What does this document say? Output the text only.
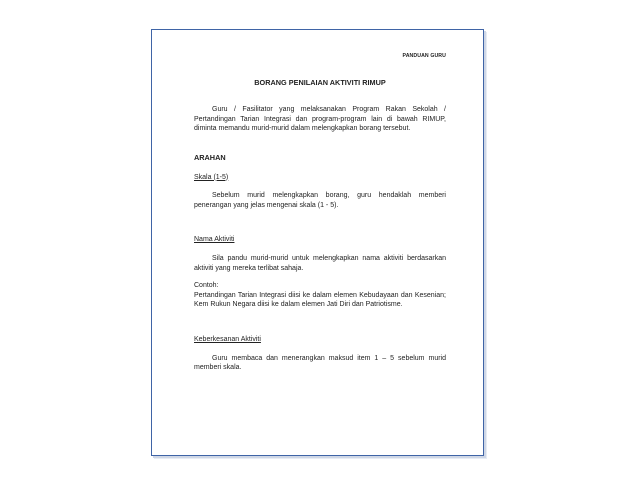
PANDUAN GURU
BORANG PENILAIAN AKTIVITI RIMUP

Guru / Fasilitator yang melaksanakan Program Rakan Sekolah / Pertandingan Tarian Integrasi dan program-program lain di bawah RIMUP, diminta memandu murid-murid dalam melengkapkan borang tersebut.

ARAHAN
Skala (1-5)

Sebelum murid melengkapkan borang, guru hendaklah memberi penerangan yang jelas mengenai skala (1 - 5).

Nama Aktiviti

Sila pandu murid-murid untuk melengkapkan nama aktiviti berdasarkan aktiviti yang mereka terlibat sahaja.

Contoh:

Pertandingan Tarian Integrasi diisi ke dalam elemen Kebudayaan dan Kesenian; Kem Rukun Negara diisi ke dalam elemen Jati Diri dan Patriotisme.

Keberkesanan Aktiviti

Guru membaca dan menerangkan maksud item 1 – 5 sebelum murid memberi skala.
